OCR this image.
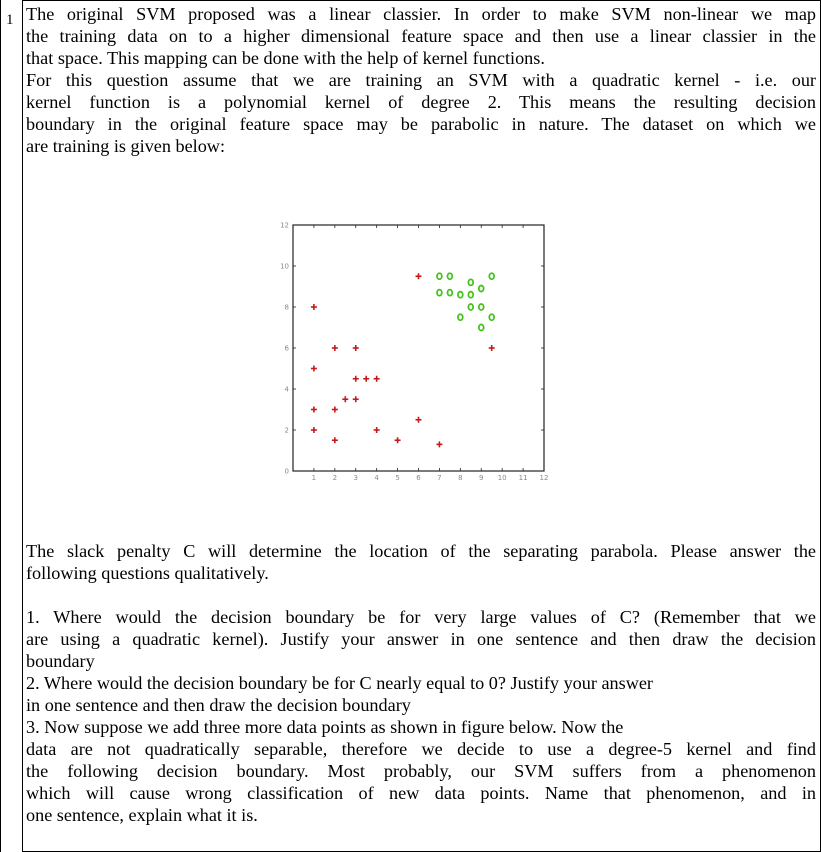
1 The original SVM proposed was a linear classier. In order to make SVM non-linear we map
the training data on to a higher dimensional feature space and then use a linear classier in the
that space. This mapping can be done with the help of kernel functions.
For this question assume that we are training an SVM with a quadratic kernel - i.e. our
kernel function is a polynomial kernel of degree 2. This means the resulting decision
boundary in the original feature space may be parabolic in nature. The dataset on which we
are training is given below:
1 2 3 4 5 6 7 8 9 10 11 12
0
2
4
6
8
10
12
The slack penalty C will determine the location of the separating parabola. Please answer the
following questions qualitatively.
1. Where would the decision boundary be for very large values of C? (Remember that we
are using a quadratic kernel). Justify your answer in one sentence and then draw the decision
boundary
2. Where would the decision boundary be for C nearly equal to 0? Justify your answer
in one sentence and then draw the decision boundary
3. Now suppose we add three more data points as shown in figure below. Now the
data are not quadratically separable, therefore we decide to use a degree-5 kernel and find
the following decision boundary. Most probably, our SVM suffers from a phenomenon
which will cause wrong classification of new data points. Name that phenomenon, and in
one sentence, explain what it is.
